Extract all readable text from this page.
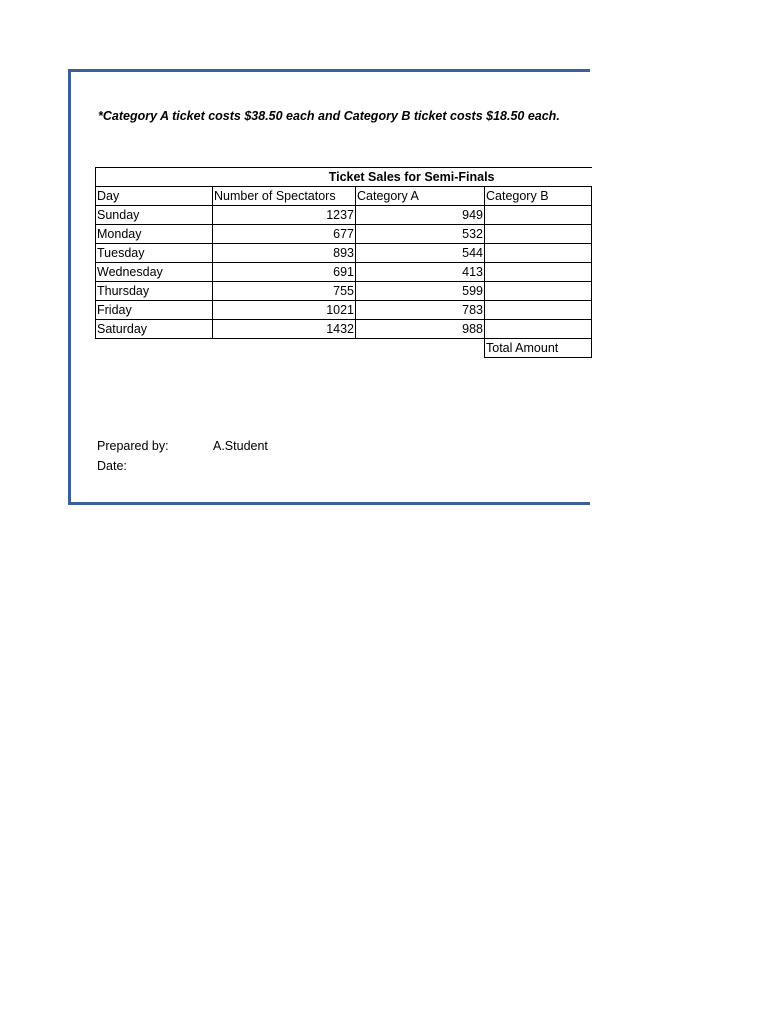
*Category A ticket costs $38.50 each and Category B ticket costs $18.50 each.
Ticket Sales for Semi-Finals			
Day	Number of Spectators	Category A	Category B
Sunday	1237	949	
Monday	677	532	
Tuesday	893	544	
Wednesday	691	413	
Thursday	755	599	
Friday	1021	783	
Saturday	1432	988	
			Total Amount
Prepared by:	A.Student
Date:
